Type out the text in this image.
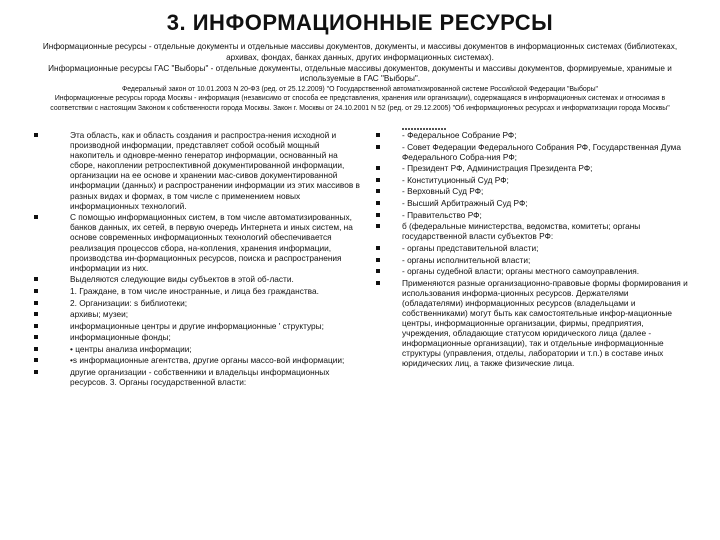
3. ИНФОРМАЦИОННЫЕ РЕСУРСЫ

Информационные ресурсы - отдельные документы и отдельные массивы документов, документы, и массивы документов в информационных системах (библиотеках, архивах, фондах, банках данных, других информационных системах).

Информационные ресурсы ГАС "Выборы" - отдельные документы, отдельные массивы документов, документы и массивы документов, формируемые, хранимые и используемые в ГАС "Выборы".

Федеральный закон от 10.01.2003 N 20-ФЗ (ред. от 25.12.2009) "О Государственной автоматизированной системе Российской Федерации "Выборы"

Информационные ресурсы города Москвы - информация (независимо от способа ее представления, хранения или организации), содержащаяся в информационных системах и относимая в соответствии с настоящим Законом к собственности города Москвы. Закон г. Москвы от 24.10.2001 N 52 (ред. от 29.12.2005) "Об информационных ресурсах и информатизации города Москвы"

Эта область, как и область создания и распростра-нения исходной и производной информации, представляет собой особый мощный накопитель и одновре-менно генератор информации, основанный на сборе, накоплении ретроспективной документированной информации, организации на ее основе и хранении мас-сивов документированной информации (данных) и распространении информации из этих массивов в разных видах и формах, в том числе с применением новых информационных технологий.
С помощью информационных систем, в том числе автоматизированных, банков данных, их сетей, в первую очередь Интернета и иных систем, на основе современных информационных технологий обеспечивается реализация процессов сбора, на-копления, хранения информации, производства ин-формационных ресурсов, поиска и распространения информации из них.
Выделяются следующие виды субъектов в этой об-ласти.
1. Граждане, в том числе иностранные, и лица без гражданства.
2. Организации: s библиотеки;
архивы; музеи;
информационные центры и другие информационные ' структуры;
информационные фонды;
• центры анализа информации;
•s информационные агентства, другие органы массо-вой информации;
другие организации - собственники и владельцы информационных ресурсов. 3. Органы государственной власти:
- Федеральное Собрание РФ;
- Совет Федерации Федерального Собрания РФ, Государственная Дума Федерального Собра-ния РФ;
- Президент РФ, Администрация Президента РФ;
- Конституционный Суд РФ;
- Верховный Суд РФ;
- Высший Арбитражный Суд РФ;
- Правительство РФ;
б (федеральные министерства, ведомства, комитеты; органы государственной власти субъектов РФ:
- органы представительной власти;
- органы исполнительной власти;
- органы судебной власти; органы местного самоуправления.
Применяются разные организационно-правовые формы формирования и использования информа-ционных ресурсов. Держателями (обладателями) информационных ресурсов (владельцами и собственниками) могут быть как самостоятельные инфор-мационные центры, информационные организации, фирмы, предприятия, учреждения, обладающие статусом юридического лица (далее - информационные организации), так и отдельные информационные структуры (управления, отделы, лаборатории и т.п.) в составе иных юридических лиц, а также физические лица.
